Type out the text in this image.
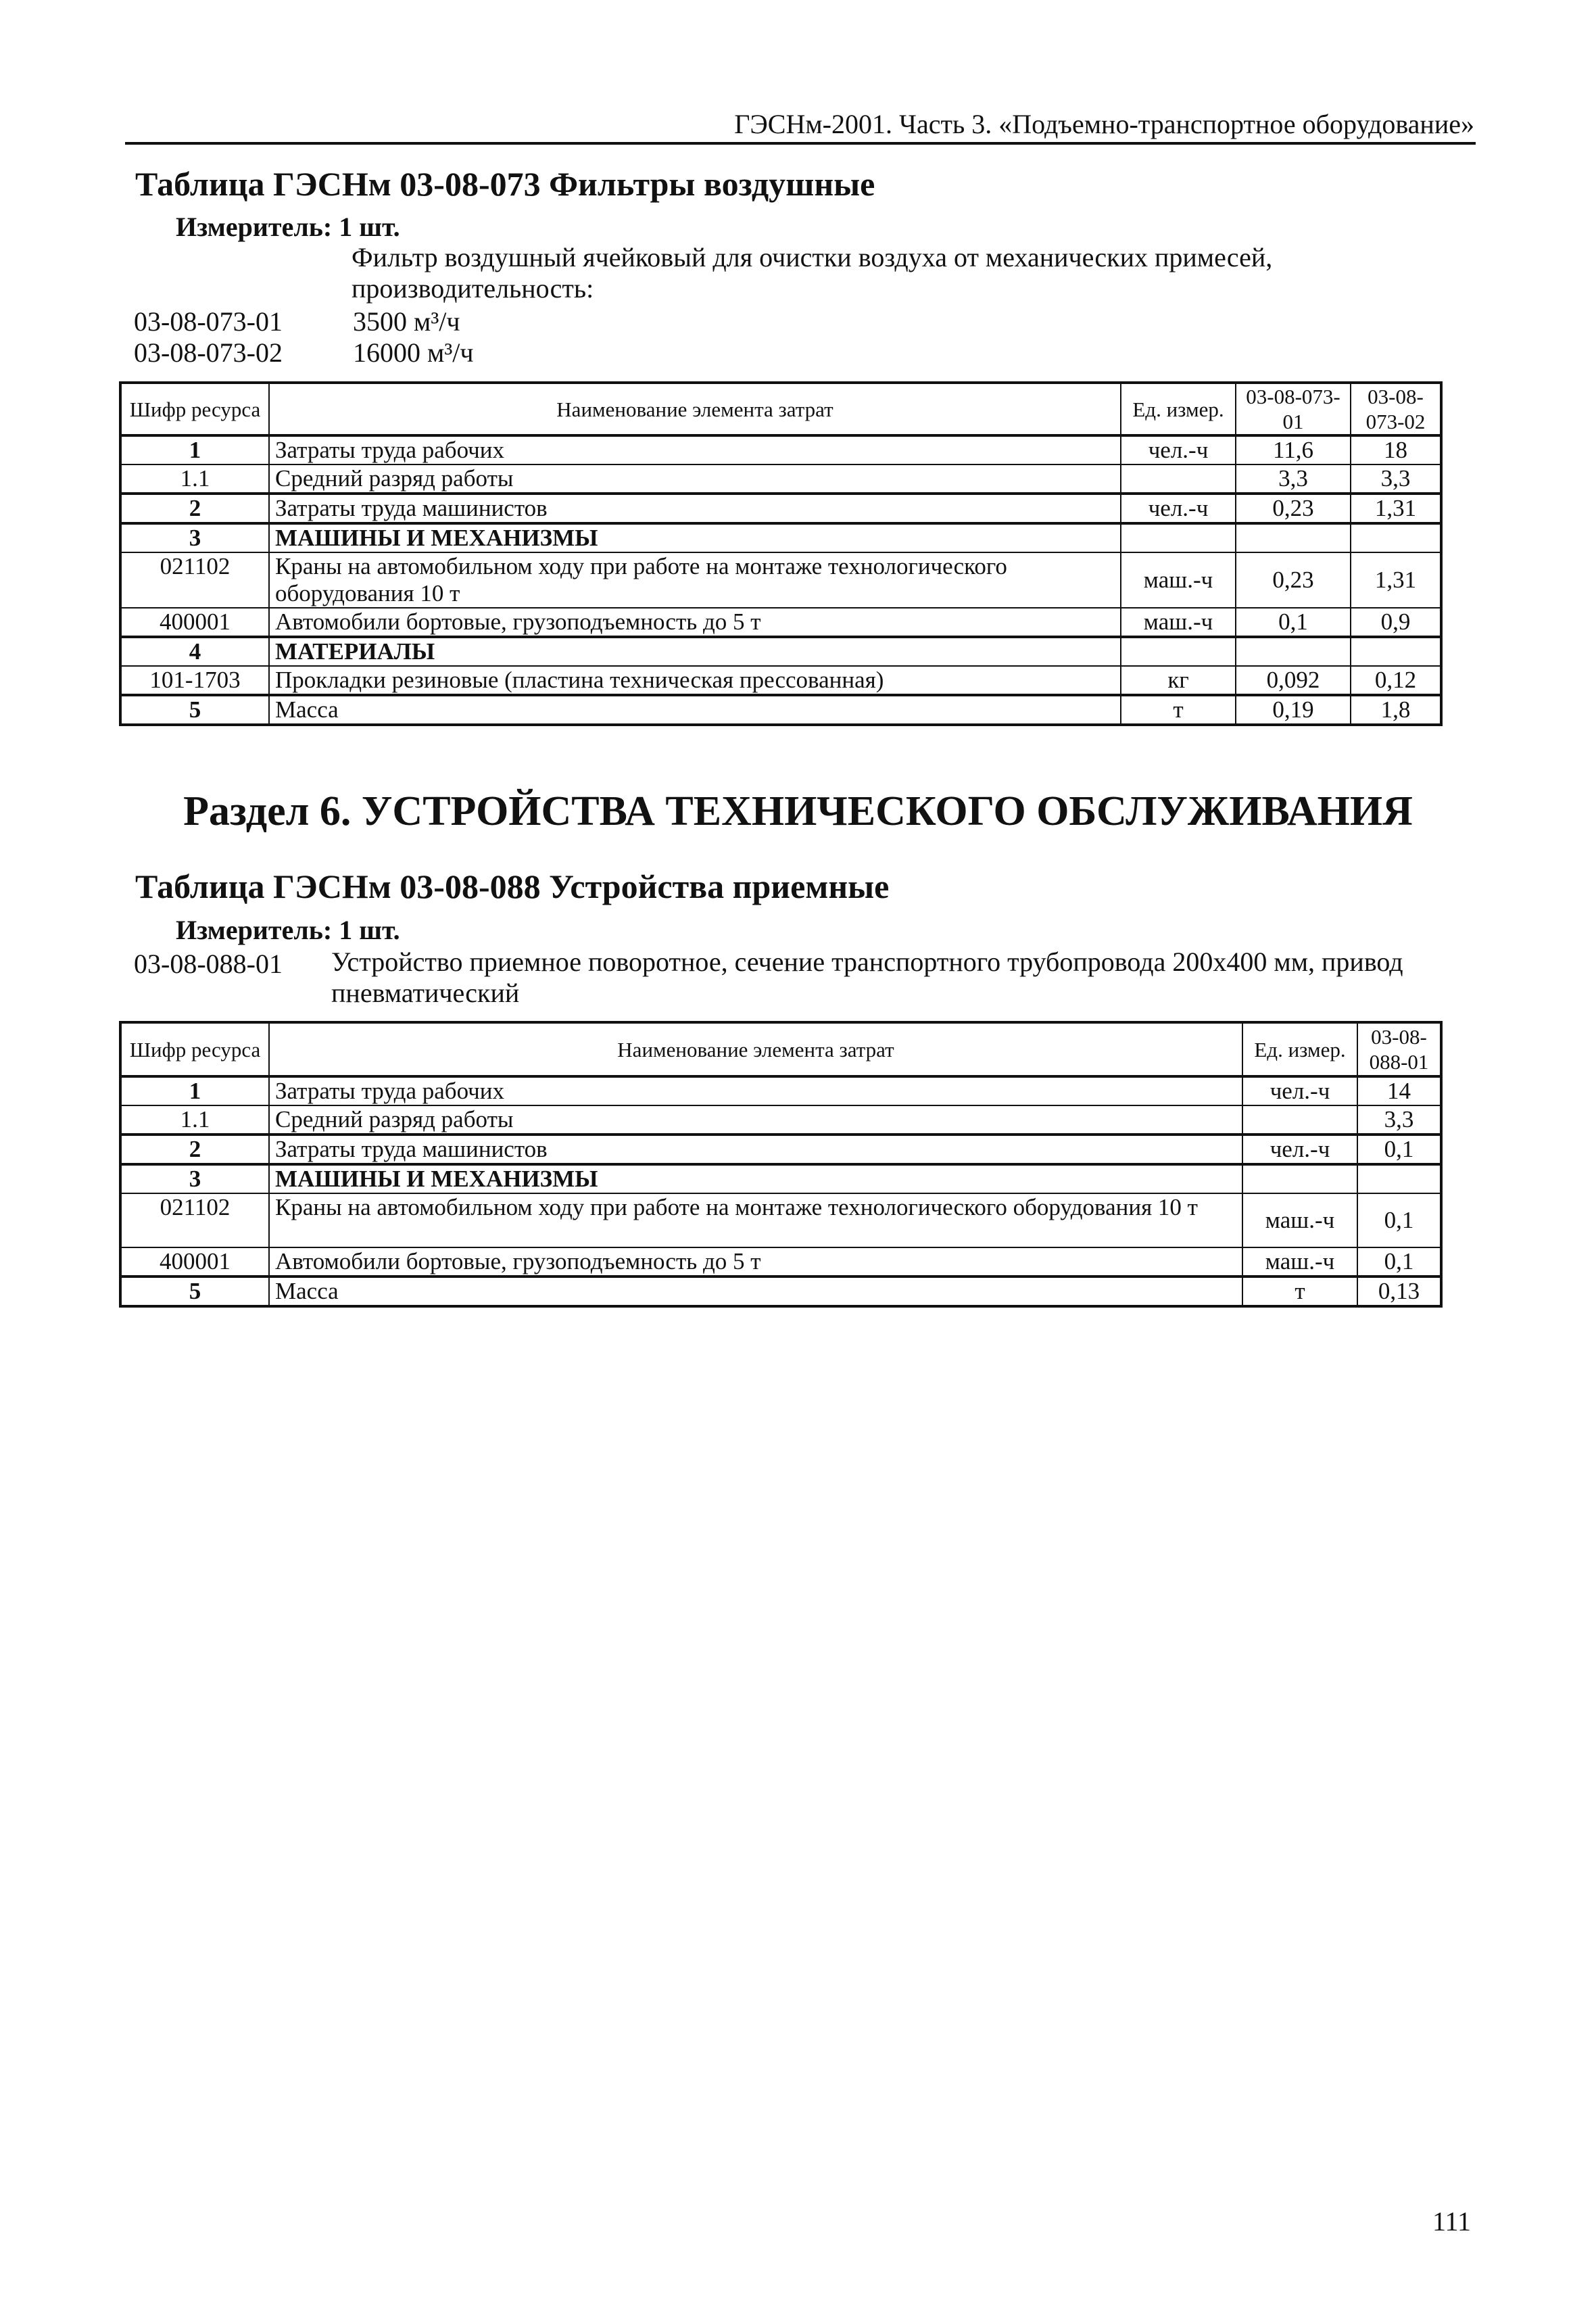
ГЭСНм-2001. Часть 3. «Подъемно-транспортное оборудование»
Таблица ГЭСНм 03-08-073 Фильтры воздушные
Измеритель: 1 шт.
Фильтр воздушный ячейковый для очистки воздуха от механических примесей,
производительность:
03-08-073-01	3500 м³/ч
03-08-073-02	16000 м³/ч
Шифр ресурса	Наименование элемента затрат	Ед. измер.	03-08-073-01	03-08-073-02
1	Затраты труда рабочих	чел.-ч	11,6	18
1.1	Средний разряд работы		3,3	3,3
2	Затраты труда машинистов	чел.-ч	0,23	1,31
3	МАШИНЫ И МЕХАНИЗМЫ			
021102	Краны на автомобильном ходу при работе на монтаже технологического оборудования 10 т	маш.-ч	0,23	1,31
400001	Автомобили бортовые, грузоподъемность до 5 т	маш.-ч	0,1	0,9
4	МАТЕРИАЛЫ			
101-1703	Прокладки резиновые (пластина техническая прессованная)	кг	0,092	0,12
5	Масса	т	0,19	1,8
Раздел 6. УСТРОЙСТВА ТЕХНИЧЕСКОГО ОБСЛУЖИВАНИЯ
Таблица ГЭСНм 03-08-088 Устройства приемные
Измеритель: 1 шт.
03-08-088-01 Устройство приемное поворотное, сечение транспортного трубопровода 200х400 мм, привод
пневматический
Шифр ресурса	Наименование элемента затрат	Ед. измер.	03-08-088-01
1	Затраты труда рабочих	чел.-ч	14
1.1	Средний разряд работы		3,3
2	Затраты труда машинистов	чел.-ч	0,1
3	МАШИНЫ И МЕХАНИЗМЫ		
021102	Краны на автомобильном ходу при работе на монтаже технологического оборудования 10 т	маш.-ч	0,1
400001	Автомобили бортовые, грузоподъемность до 5 т	маш.-ч	0,1
5	Масса	т	0,13
111
